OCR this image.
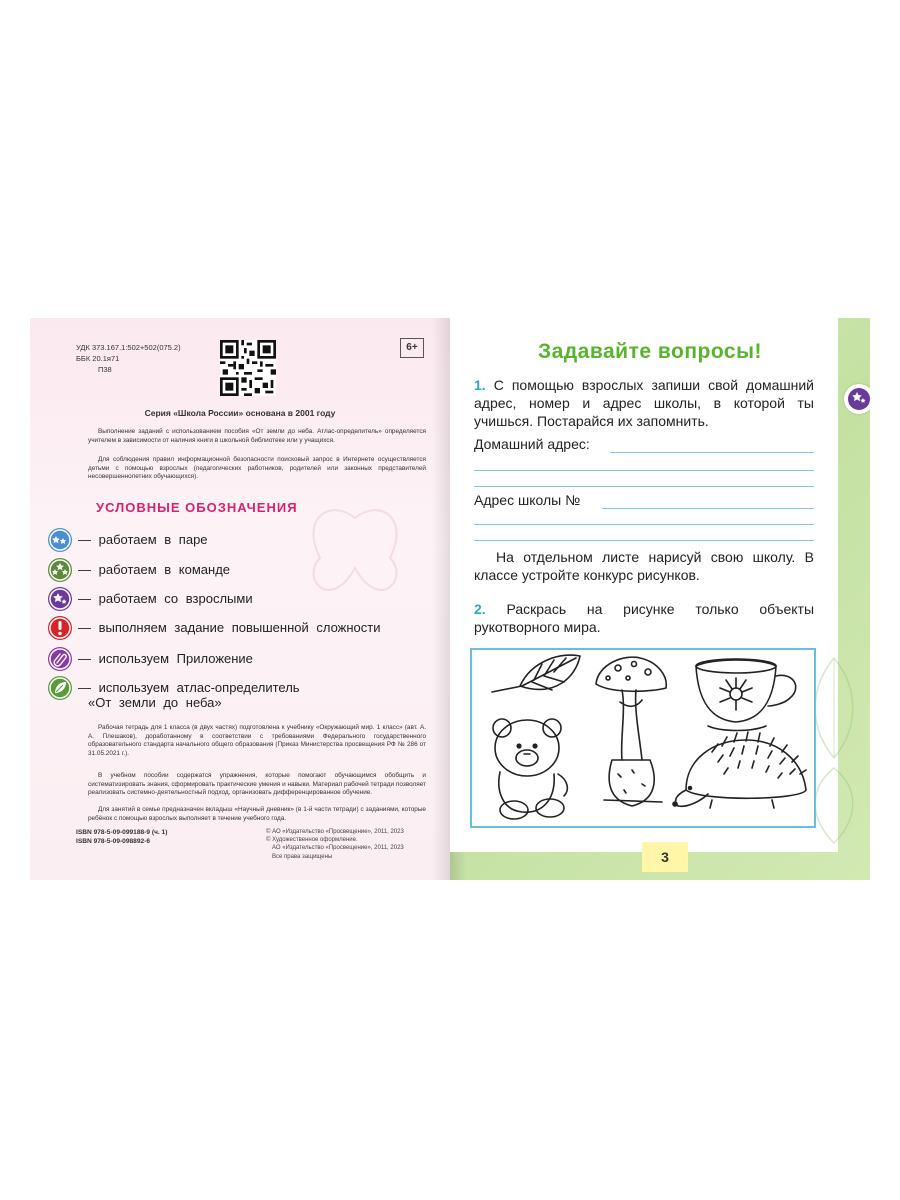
УДК 373.167.1:502+502(075.2)
ББК 20.1я71
П38
6+
Серия «Школа России» основана в 2001 году
Выполнение заданий с использованием пособия «От земли до неба. Атлас-определитель» определяется учителем в зависимости от наличия книги в школьной библиотеке или у учащихся.
Для соблюдения правил информационной безопасности поисковый запрос в Интернете осуществляется детьми с помощью взрослых (педагогических работников, родителей или законных представителей несовершеннолетних обучающихся).
УСЛОВНЫЕ ОБОЗНАЧЕНИЯ
— работаем в паре
— работаем в команде
— работаем со взрослыми
— выполняем задание повышенной сложности
— используем Приложение
— используем атлас-определитель
«От земли до неба»
Рабочая тетрадь для 1 класса (в двух частях) подготовлена к учебнику «Окружающий мир. 1 класс» (авт. А. А. Плешаков), доработанному в соответствии с требованиями Федерального государственного образовательного стандарта начального общего образования (Приказ Министерства просвещения РФ № 286 от 31.05.2021 г.).
В учебном пособии содержатся упражнения, которые помогают обучающимся обобщить и систематизировать знания, сформировать практические умения и навыки. Материал рабочей тетради позволяет реализовать системно-деятельностный подход, организовать дифференцированное обучение.
Для занятий в семье предназначен вкладыш «Научный дневник» (в 1-й части тетради) с заданиями, которые ребёнок с помощью взрослых выполняет в течение учебного года.
ISBN 978-5-09-099188-9 (ч. 1)
ISBN 978-5-09-098892-6
© АО «Издательство «Просвещение», 2011, 2023
© Художественное оформление.
АО «Издательство «Просвещение», 2011, 2023
Все права защищены
Задавайте вопросы!
1. С помощью взрослых запиши свой домашний адрес, номер и адрес школы, в которой ты учишься. Постарайся их запомнить.
Домашний адрес:
Адрес школы №
На отдельном листе нарисуй свою школу. В классе устройте конкурс рисунков.
2. Раскрась на рисунке только объекты рукотворного мира.
3
